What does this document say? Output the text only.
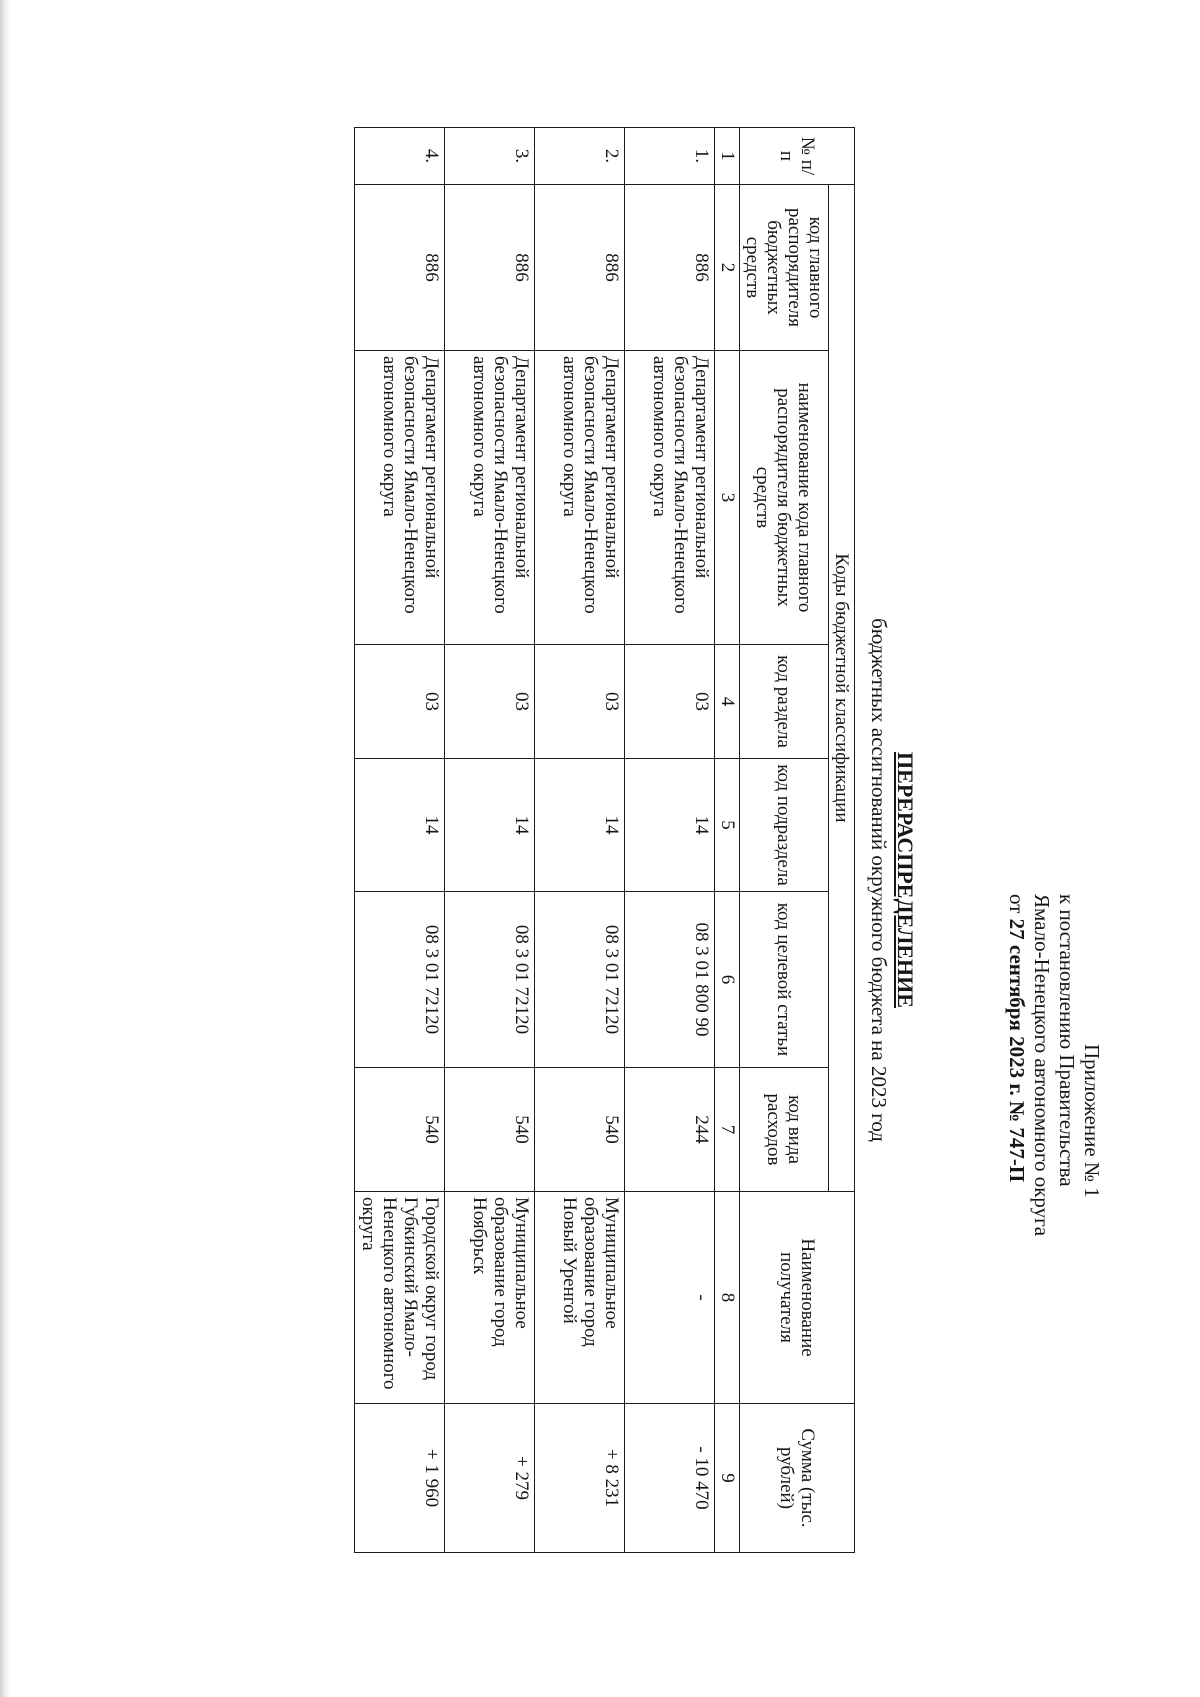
Приложение № 1
к постановлению Правительства
Ямало-Ненецкого автономного округа
от 27 сентября 2023 г. № 747-П
ПЕРЕРАСПРЕДЕЛЕНИЕ
бюджетных ассигнований окружного бюджета на 2023 год
№ п/п	Коды бюджетной классификации						Наименование получателя	Сумма (тыс. рублей)
	код главного распорядителя бюджетных средств	наименование кода главного распорядителя бюджетных средств	код раздела	код подраздела	код целевой статьи	код вида расходов		
1	2	3	4	5	6	7	8	9
1.	886	Департамент региональной безопасности Ямало-Ненецкого автономного округа	03	14	08 3 01 800 90	244	-	- 10 470
2.	886	Департамент региональной безопасности Ямало-Ненецкого автономного округа	03	14	08 3 01 72120	540	Муниципальное образование город Новый Уренгой	+ 8 231
3.	886	Департамент региональной безопасности Ямало-Ненецкого автономного округа	03	14	08 3 01 72120	540	Муниципальное образование город Ноябрьск	+ 279
4.	886	Департамент региональной безопасности Ямало-Ненецкого автономного округа	03	14	08 3 01 72120	540	Городской округ город Губкинский Ямало-Ненецкого автономного округа	+ 1 960
